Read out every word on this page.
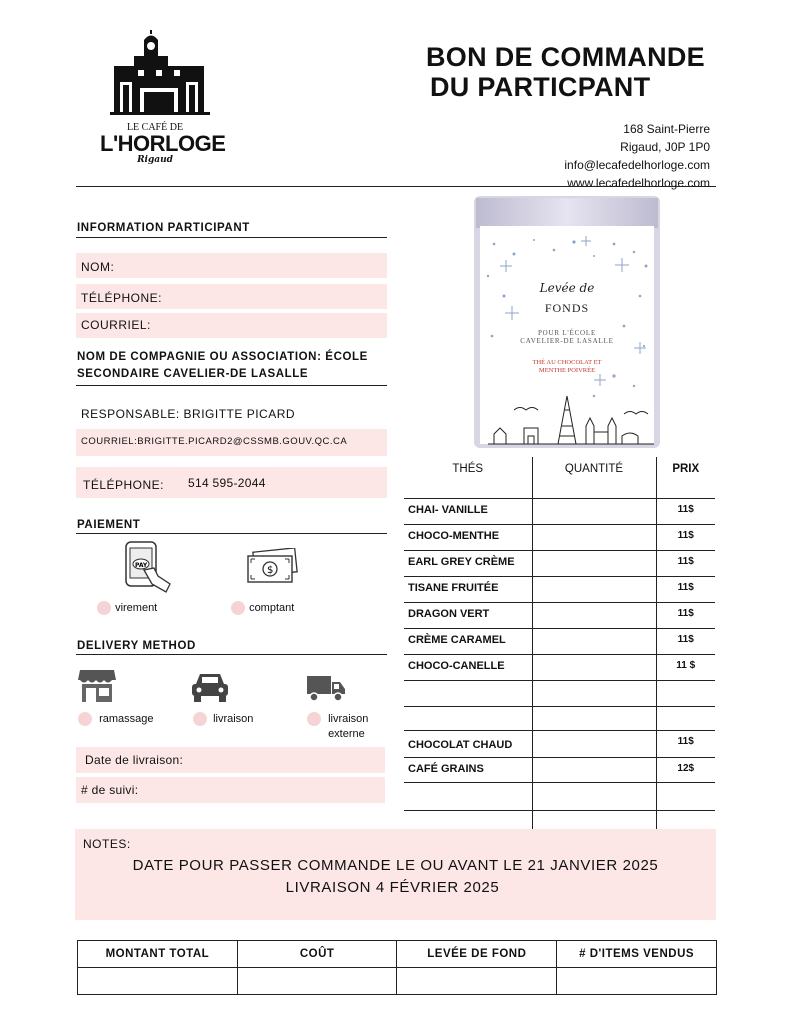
LE CAFÉ DE
L'HORLOGE
Rigaud
BON DE COMMANDE
DU PARTICPANT
168 Saint-Pierre
Rigaud, J0P 1P0
info@lecafedelhorloge.com
www.lecafedelhorloge.com
INFORMATION PARTICIPANT
NOM:
TÉLÉPHONE:
COURRIEL:
NOM DE COMPAGNIE OU ASSOCIATION: ÉCOLE SECONDAIRE CAVELIER-DE LASALLE
RESPONSABLE: BRIGITTE PICARD
COURRIEL:BRIGITTE.PICARD2@CSSMB.GOUV.QC.CA
TÉLÉPHONE: 514 595-2044
PAIEMENT
PAY	$
virement	comptant
DELIVERY METHOD
ramassage	livraison	livraison externe
Date de livraison:
# de suivi:
Levée de
FONDS
POUR L'ÉCOLE
CAVELIER-DE LASALLE
THÉ AU CHOCOLAT ET
MENTHE POIVRÉE
THÉS	QUANTITÉ	PRIX
CHAI- VANILLE		11$
CHOCO-MENTHE		11$
EARL GREY CRÈME		11$
TISANE FRUITÉE		11$
DRAGON VERT		11$
CRÈME CARAMEL		11$
CHOCO-CANELLE		11 $

CHOCOLAT CHAUD		11$
CAFÉ GRAINS		12$

NOTES:
DATE POUR PASSER COMMANDE LE OU AVANT LE 21 JANVIER 2025
LIVRAISON 4 FÉVRIER 2025
MONTANT TOTAL	COÛT	LEVÉE DE FOND	# D'ITEMS VENDUS
